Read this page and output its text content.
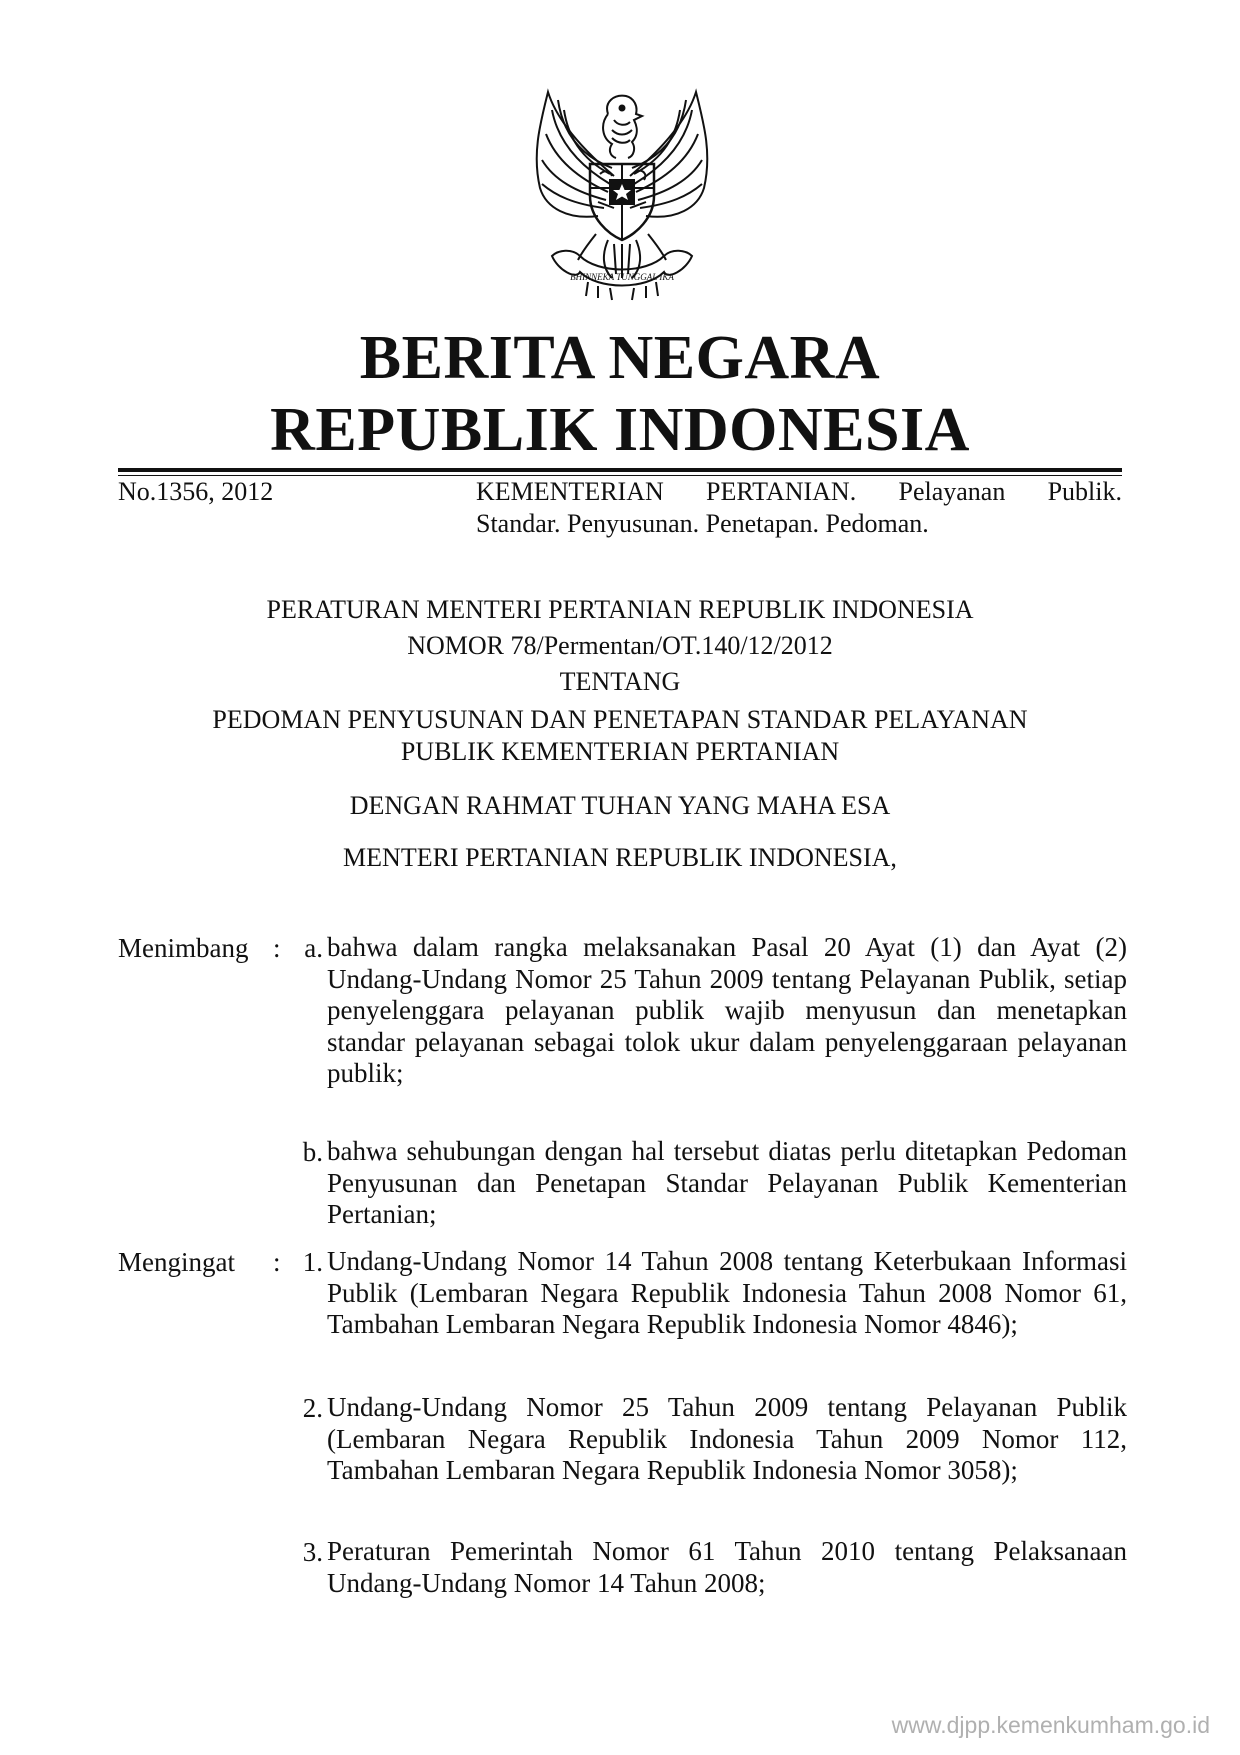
BHINNEKA TUNGGAL IKA
BERITA NEGARA
REPUBLIK INDONESIA
No.1356, 2012	KEMENTERIAN PERTANIAN. Pelayanan Publik.
Standar. Penyusunan. Penetapan. Pedoman.
PERATURAN MENTERI PERTANIAN REPUBLIK INDONESIA
NOMOR 78/Permentan/OT.140/12/2012
TENTANG
PEDOMAN PENYUSUNAN DAN PENETAPAN STANDAR PELAYANAN
PUBLIK KEMENTERIAN PERTANIAN
DENGAN RAHMAT TUHAN YANG MAHA ESA
MENTERI PERTANIAN REPUBLIK INDONESIA,
Menimbang : a. bahwa dalam rangka melaksanakan Pasal 20 Ayat (1) dan Ayat (2) Undang-Undang Nomor 25 Tahun 2009 tentang Pelayanan Publik, setiap penyelenggara pelayanan publik wajib menyusun dan menetapkan standar pelayanan sebagai tolok ukur dalam penyelenggaraan pelayanan publik;
b. bahwa sehubungan dengan hal tersebut diatas perlu ditetapkan Pedoman Penyusunan dan Penetapan Standar Pelayanan Publik Kementerian Pertanian;
Mengingat : 1. Undang-Undang Nomor 14 Tahun 2008 tentang Keterbukaan Informasi Publik (Lembaran Negara Republik Indonesia Tahun 2008 Nomor 61, Tambahan Lembaran Negara Republik Indonesia Nomor 4846);
2. Undang-Undang Nomor 25 Tahun 2009 tentang Pelayanan Publik (Lembaran Negara Republik Indonesia Tahun 2009 Nomor 112, Tambahan Lembaran Negara Republik Indonesia Nomor 3058);
3. Peraturan Pemerintah Nomor 61 Tahun 2010 tentang Pelaksanaan Undang-Undang Nomor 14 Tahun 2008;
www.djpp.kemenkumham.go.id
